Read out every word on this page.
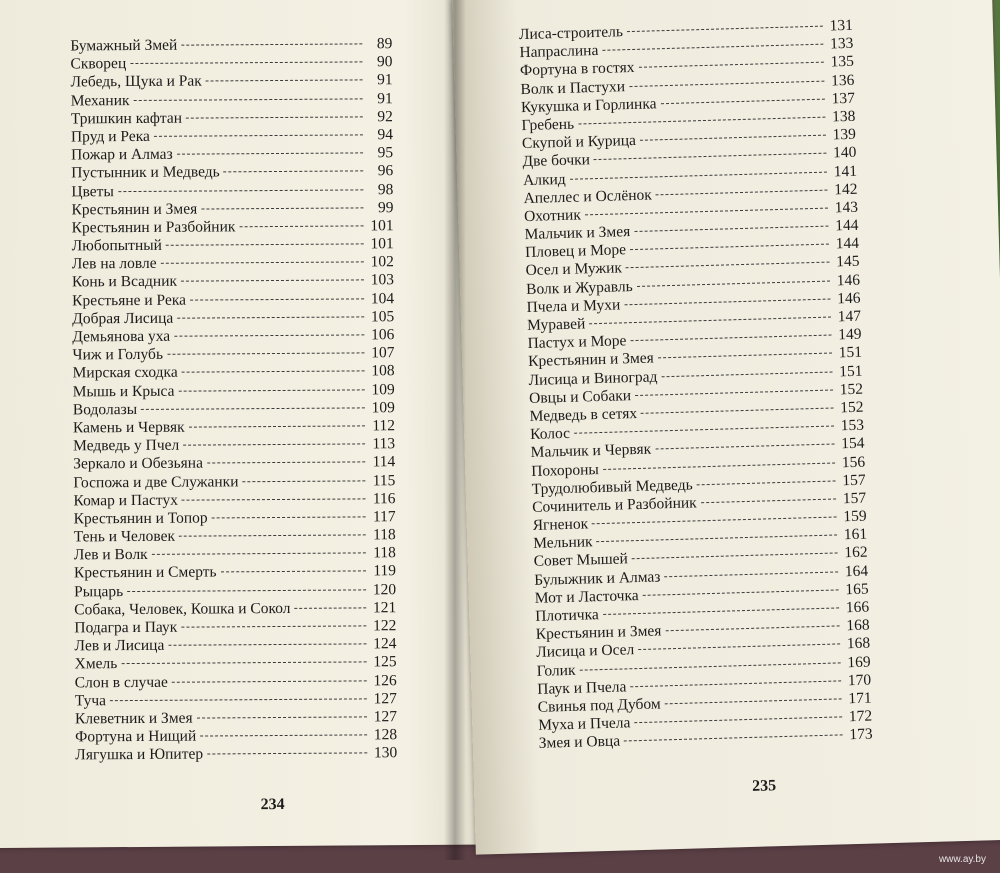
Бумажный Змей	89
Скворец	90
Лебедь, Щука и Рак	91
Механик	91
Тришкин кафтан	92
Пруд и Река	94
Пожар и Алмаз	95
Пустынник и Медведь	96
Цветы	98
Крестьянин и Змея	99
Крестьянин и Разбойник	101
Любопытный	101
Лев на ловле	102
Конь и Всадник	103
Крестьяне и Река	104
Добрая Лисица	105
Демьянова уха	106
Чиж и Голубь	107
Мирская сходка	108
Мышь и Крыса	109
Водолазы	109
Камень и Червяк	112
Медведь у Пчел	113
Зеркало и Обезьяна	114
Госпожа и две Служанки	115
Комар и Пастух	116
Крестьянин и Топор	117
Тень и Человек	118
Лев и Волк	118
Крестьянин и Смерть	119
Рыцарь	120
Собака, Человек, Кошка и Сокол	121
Подагра и Паук	122
Лев и Лисица	124
Хмель	125
Слон в случае	126
Туча	127
Клеветник и Змея	127
Фортуна и Нищий	128
Лягушка и Юпитер	130
234
Лиса-строитель	131
Напраслина	133
Фортуна в гостях	135
Волк и Пастухи	136
Кукушка и Горлинка	137
Гребень	138
Скупой и Курица	139
Две бочки	140
Алкид	141
Апеллес и Ослёнок	142
Охотник	143
Мальчик и Змея	144
Пловец и Море	144
Осел и Мужик	145
Волк и Журавль	146
Пчела и Мухи	146
Муравей	147
Пастух и Море	149
Крестьянин и Змея	151
Лисица и Виноград	151
Овцы и Собаки	152
Медведь в сетях	152
Колос	153
Мальчик и Червяк	154
Похороны	156
Трудолюбивый Медведь	157
Сочинитель и Разбойник	157
Ягненок	159
Мельник	161
Совет Мышей	162
Булыжник и Алмаз	164
Мот и Ласточка	165
Плотичка	166
Крестьянин и Змея	168
Лисица и Осел	168
Голик	169
Паук и Пчела	170
Свинья под Дубом	171
Муха и Пчела	172
Змея и Овца	173
235
www.ay.by
